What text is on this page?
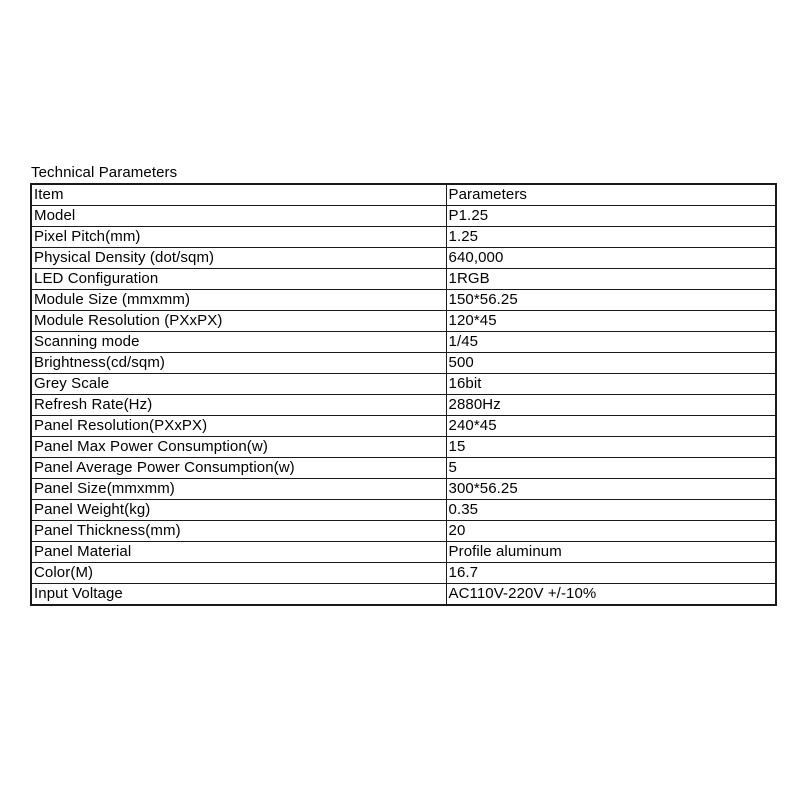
Technical Parameters
Item	Parameters
Model	P1.25
Pixel Pitch(mm)	1.25
Physical Density (dot/sqm)	640,000
LED Configuration	1RGB
Module Size (mmxmm)	150*56.25
Module Resolution (PXxPX)	120*45
Scanning mode	1/45
Brightness(cd/sqm)	500
Grey Scale	16bit
Refresh Rate(Hz)	2880Hz
Panel Resolution(PXxPX)	240*45
Panel Max Power Consumption(w)	15
Panel Average Power Consumption(w)	5
Panel Size(mmxmm)	300*56.25
Panel Weight(kg)	0.35
Panel Thickness(mm)	20
Panel Material	Profile aluminum
Color(M)	16.7
Input Voltage	AC110V-220V +/-10%
